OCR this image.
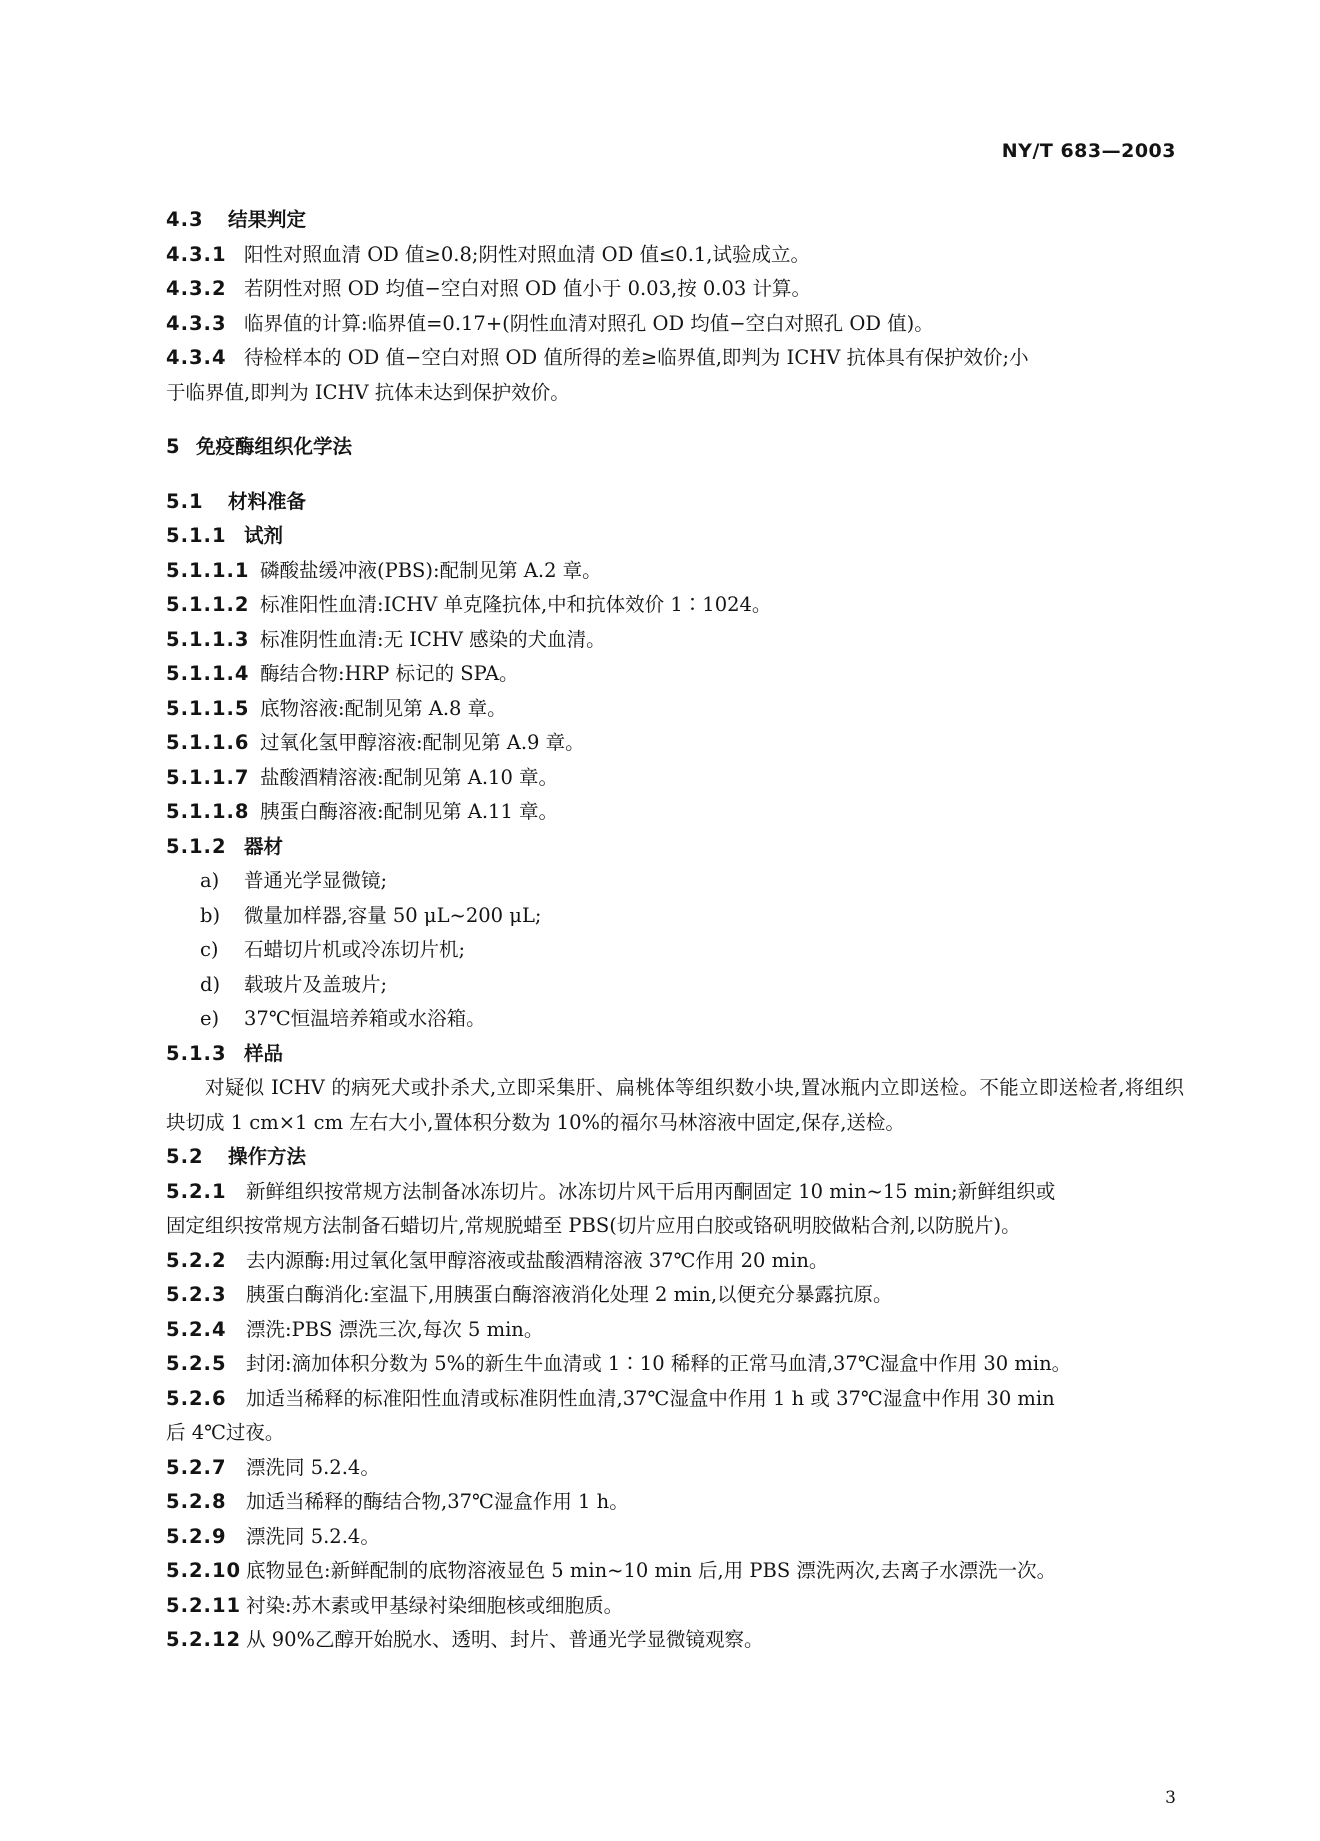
NY/T 683—2003
4.3 结果判定
4.3.1 阳性对照血清 OD 值≥0.8;阴性对照血清 OD 值≤0.1,试验成立。
4.3.2 若阴性对照 OD 均值−空白对照 OD 值小于 0.03,按 0.03 计算。
4.3.3 临界值的计算:临界值=0.17+(阴性血清对照孔 OD 均值−空白对照孔 OD 值)。
4.3.4 待检样本的 OD 值−空白对照 OD 值所得的差≥临界值,即判为 ICHV 抗体具有保护效价;小
于临界值,即判为 ICHV 抗体未达到保护效价。
5 免疫酶组织化学法
5.1 材料准备
5.1.1 试剂
5.1.1.1 磷酸盐缓冲液(PBS):配制见第 A.2 章。
5.1.1.2 标准阳性血清:ICHV 单克隆抗体,中和抗体效价 1∶1024。
5.1.1.3 标准阴性血清:无 ICHV 感染的犬血清。
5.1.1.4 酶结合物:HRP 标记的 SPA。
5.1.1.5 底物溶液:配制见第 A.8 章。
5.1.1.6 过氧化氢甲醇溶液:配制见第 A.9 章。
5.1.1.7 盐酸酒精溶液:配制见第 A.10 章。
5.1.1.8 胰蛋白酶溶液:配制见第 A.11 章。
5.1.2 器材
a) 普通光学显微镜;
b) 微量加样器,容量 50 μL~200 μL;
c) 石蜡切片机或冷冻切片机;
d) 载玻片及盖玻片;
e) 37℃恒温培养箱或水浴箱。
5.1.3 样品
对疑似 ICHV 的病死犬或扑杀犬,立即采集肝、扁桃体等组织数小块,置冰瓶内立即送检。不能立即送检者,将组织块切成 1 cm×1 cm 左右大小,置体积分数为 10%的福尔马林溶液中固定,保存,送检。
5.2 操作方法
5.2.1 新鲜组织按常规方法制备冰冻切片。冰冻切片风干后用丙酮固定 10 min~15 min;新鲜组织或
固定组织按常规方法制备石蜡切片,常规脱蜡至 PBS(切片应用白胶或铬矾明胶做粘合剂,以防脱片)。
5.2.2 去内源酶:用过氧化氢甲醇溶液或盐酸酒精溶液 37℃作用 20 min。
5.2.3 胰蛋白酶消化:室温下,用胰蛋白酶溶液消化处理 2 min,以便充分暴露抗原。
5.2.4 漂洗:PBS 漂洗三次,每次 5 min。
5.2.5 封闭:滴加体积分数为 5%的新生牛血清或 1∶10 稀释的正常马血清,37℃湿盒中作用 30 min。
5.2.6 加适当稀释的标准阳性血清或标准阴性血清,37℃湿盒中作用 1 h 或 37℃湿盒中作用 30 min
后 4℃过夜。
5.2.7 漂洗同 5.2.4。
5.2.8 加适当稀释的酶结合物,37℃湿盒作用 1 h。
5.2.9 漂洗同 5.2.4。
5.2.10 底物显色:新鲜配制的底物溶液显色 5 min~10 min 后,用 PBS 漂洗两次,去离子水漂洗一次。
5.2.11 衬染:苏木素或甲基绿衬染细胞核或细胞质。
5.2.12 从 90%乙醇开始脱水、透明、封片、普通光学显微镜观察。
3
